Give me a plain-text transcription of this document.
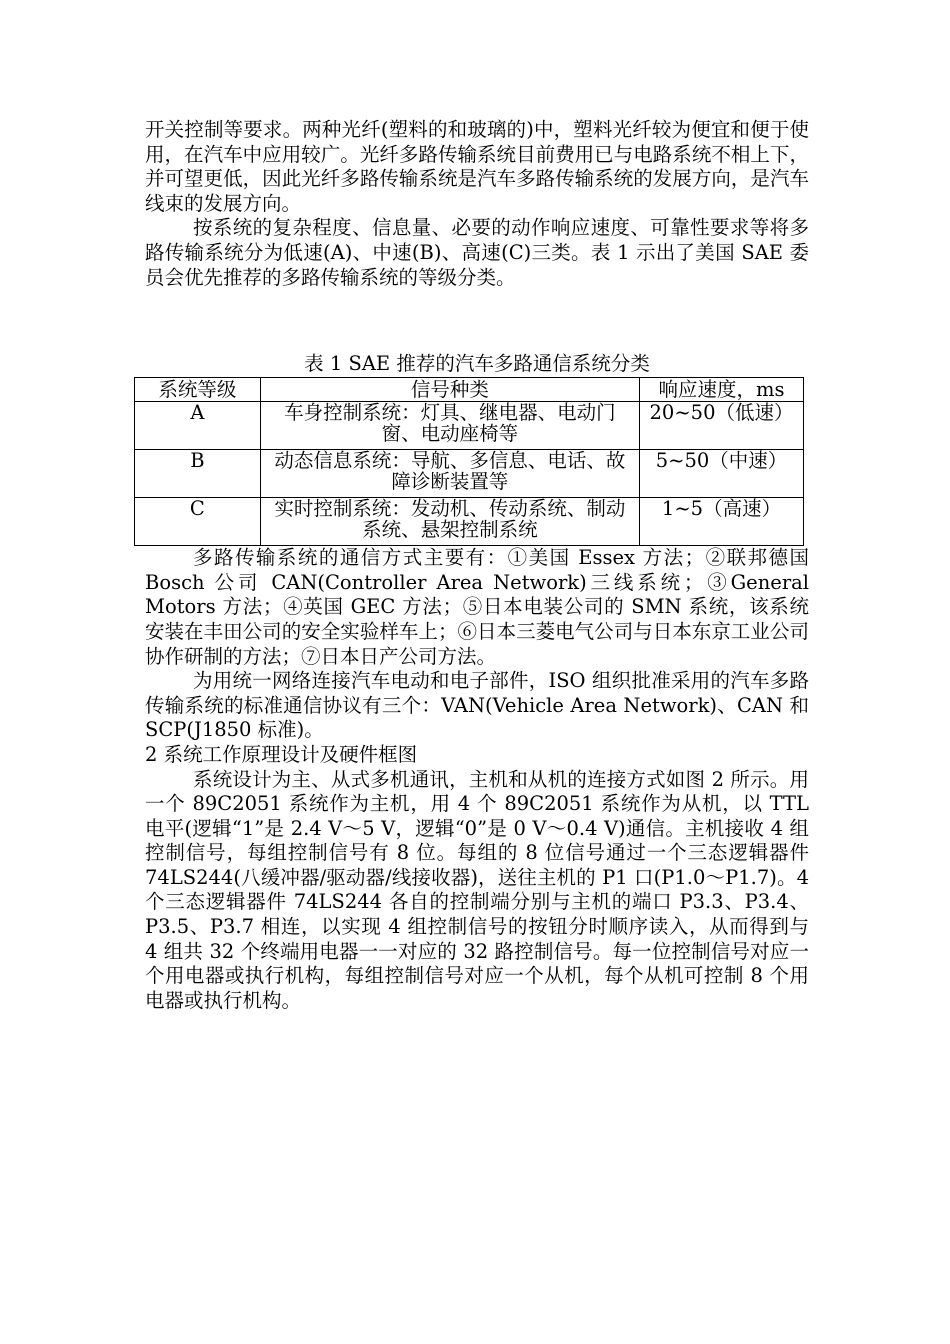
开关控制等要求。两种光纤(塑料的和玻璃的)中，塑料光纤较为便宜和便于使用，在汽车中应用较广。光纤多路传输系统目前费用已与电路系统不相上下，并可望更低，因此光纤多路传输系统是汽车多路传输系统的发展方向，是汽车线束的发展方向。

按系统的复杂程度、信息量、必要的动作响应速度、可靠性要求等将多路传输系统分为低速(A)、中速(B)、高速(C)三类。表 1 示出了美国 SAE 委员会优先推荐的多路传输系统的等级分类。

表 1 SAE 推荐的汽车多路通信系统分类
系统等级	信号种类	响应速度，ms
A	车身控制系统：灯具、继电器、电动门窗、电动座椅等	20~50（低速）
B	动态信息系统：导航、多信息、电话、故障诊断装置等	5~50（中速）
C	实时控制系统：发动机、传动系统、制动系统、悬架控制系统	1~5（高速）

多路传输系统的通信方式主要有：①美国 Essex 方法；②联邦德国 Bosch 公司 CAN(Controller Area Network)三线系统；③General Motors 方法；④英国 GEC 方法；⑤日本电装公司的 SMN 系统，该系统安装在丰田公司的安全实验样车上；⑥日本三菱电气公司与日本东京工业公司协作研制的方法；⑦日本日产公司方法。

为用统一网络连接汽车电动和电子部件，ISO 组织批准采用的汽车多路传输系统的标准通信协议有三个：VAN(Vehicle Area Network)、CAN 和 SCP(J1850 标准)。

2 系统工作原理设计及硬件框图

系统设计为主、从式多机通讯，主机和从机的连接方式如图 2 所示。用一个 89C2051 系统作为主机，用 4 个 89C2051 系统作为从机，以 TTL 电平(逻辑“1”是 2.4 V～5 V，逻辑“0”是 0 V～0.4 V)通信。主机接收 4 组控制信号，每组控制信号有 8 位。每组的 8 位信号通过一个三态逻辑器件 74LS244(八缓冲器/驱动器/线接收器)，送往主机的 P1 口(P1.0～P1.7)。4 个三态逻辑器件 74LS244 各自的控制端分别与主机的端口 P3.3、P3.4、P3.5、P3.7 相连，以实现 4 组控制信号的按钮分时顺序读入，从而得到与 4 组共 32 个终端用电器一一对应的 32 路控制信号。每一位控制信号对应一个用电器或执行机构，每组控制信号对应一个从机，每个从机可控制 8 个用电器或执行机构。
